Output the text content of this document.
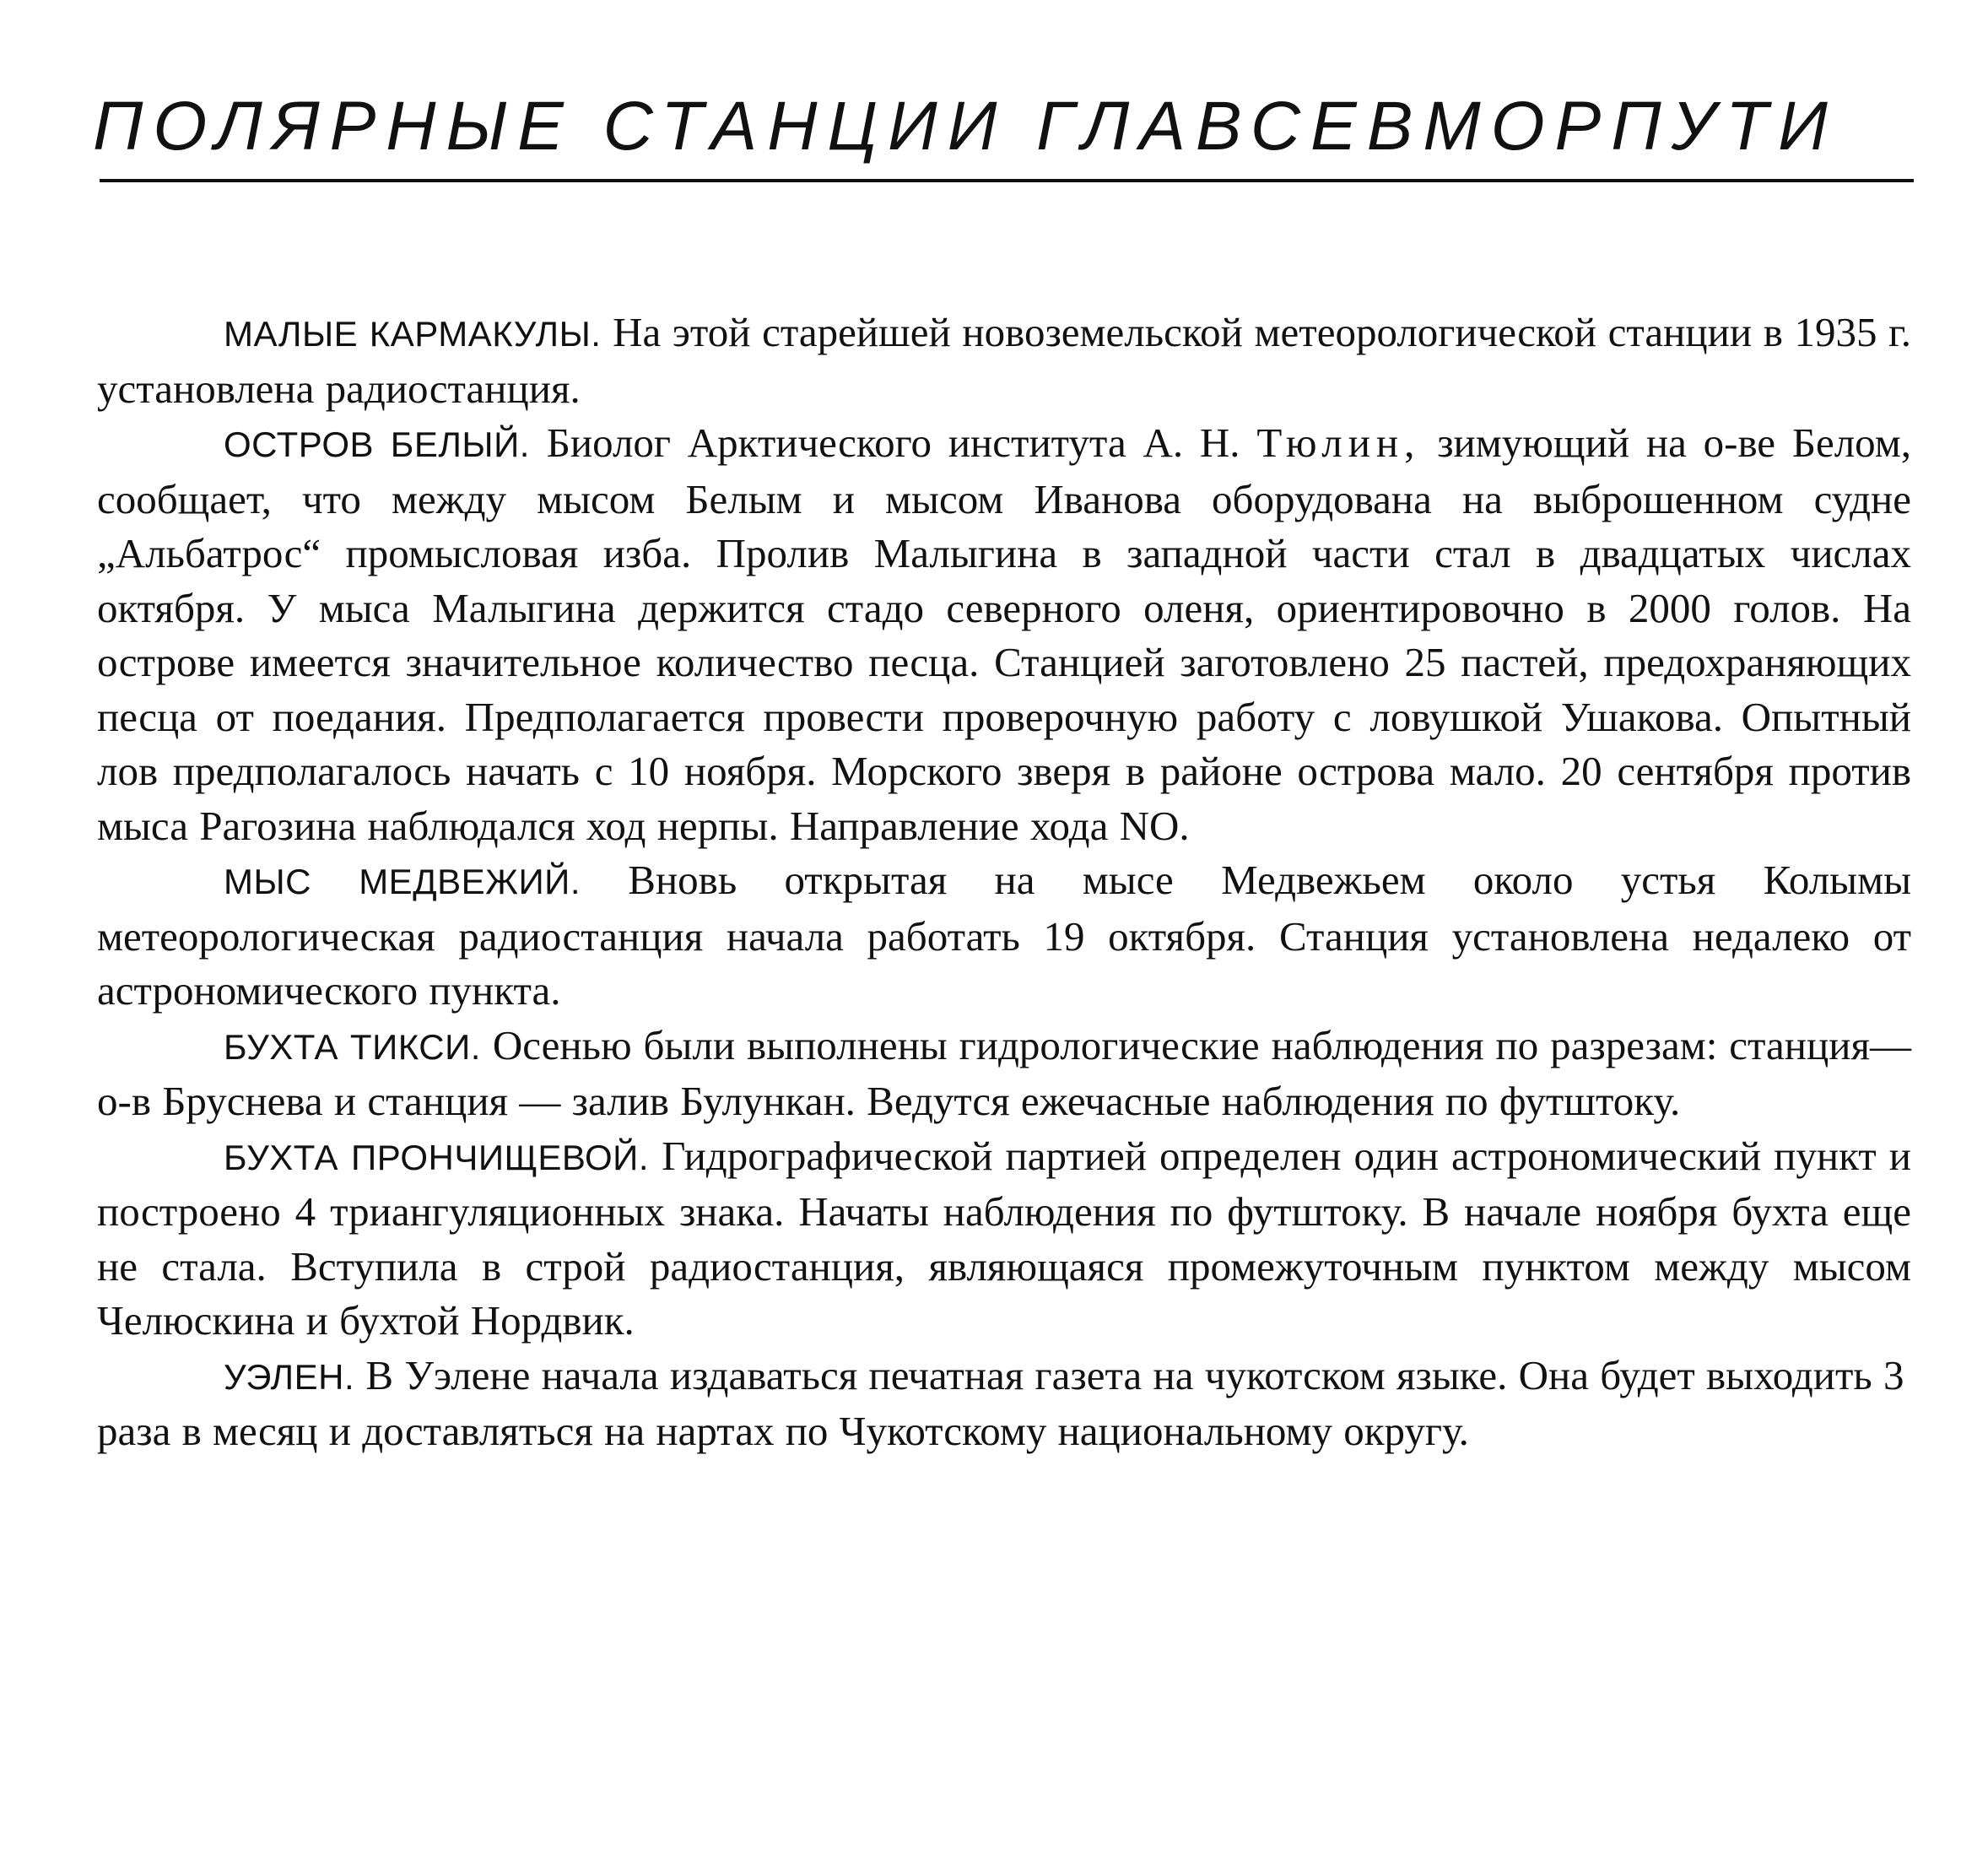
ПОЛЯРНЫЕ СТАНЦИИ ГЛАВСЕВМОРПУТИ

МАЛЫЕ КАРМАКУЛЫ. На этой старейшей новоземельской метеорологической станции в 1935 г. установлена радиостанция.

ОСТРОВ БЕЛЫЙ. Биолог Арктического института А. Н. Тюлин, зимующий на о-ве Белом, сообщает, что между мысом Белым и мысом Иванова оборудована на выброшенном судне „Альбатрос“ промысловая изба. Пролив Малыгина в западной части стал в двадцатых числах октября. У мыса Малыгина держится стадо северного оленя, ориентировочно в 2000 голов. На острове имеется значительное количество песца. Станцией заготовлено 25 пастей, предохраняющих песца от поедания. Предполагается провести проверочную работу с ловушкой Ушакова. Опытный лов предполагалось начать с 10 ноября. Морского зверя в районе острова мало. 20 сентября против мыса Рагозина наблюдался ход нерпы. Направление хода NO.

МЫС МЕДВЕЖИЙ. Вновь открытая на мысе Медвежьем около устья Колымы метеорологическая радиостанция начала работать 19 октября. Станция установлена недалеко от астрономического пункта.

БУХТА ТИКСИ. Осенью были выполнены гидрологические наблюдения по разрезам: станция—о-в Бруснева и станция — залив Булункан. Ведутся ежечасные наблюдения по футштоку.

БУХТА ПРОНЧИЩЕВОЙ. Гидрографической партией определен один астрономический пункт и построено 4 триангуляционных знака. Начаты наблюдения по футштоку. В начале ноября бухта еще не стала. Вступила в строй радиостанция, являющаяся промежуточным пунктом между мысом Челюскина и бухтой Нордвик.

УЭЛЕН. В Уэлене начала издаваться печатная газета на чукотском языке. Она будет выходить 3 раза в месяц и доставляться на нартах по Чукотскому национальному округу.
